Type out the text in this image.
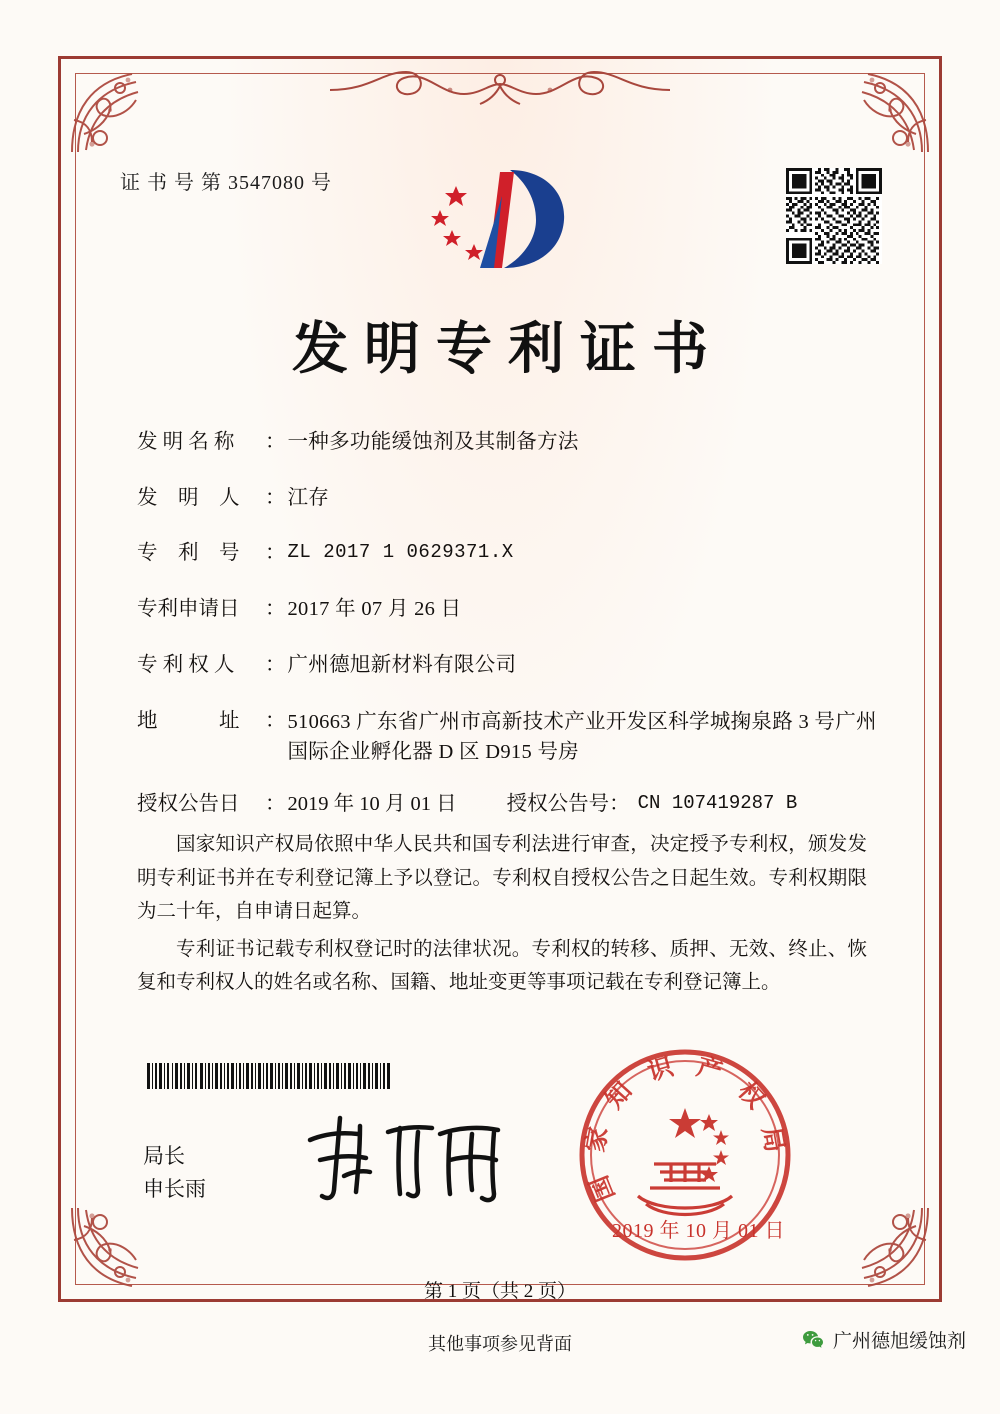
证 书 号 第 3547080 号
发明专利证书
发 明 名 称	： 一种多功能缓蚀剂及其制备方法
发　明　人	： 江存
专　利　号	： ZL 2017 1 0629371.X
专利申请日	： 2017 年 07 月 26 日
专 利 权 人	： 广州德旭新材料有限公司
地　　　址	： 510663 广东省广州市高新技术产业开发区科学城掬泉路 3 号广州国际企业孵化器 D 区 D915 号房
授权公告日	： 2019 年 10 月 01 日 授权公告号 ： CN 107419287 B

国家知识产权局依照中华人民共和国专利法进行审查，决定授予专利权，颁发发明专利证书并在专利登记簿上予以登记。专利权自授权公告之日起生效。专利权期限为二十年，自申请日起算。

专利证书记载专利权登记时的法律状况。专利权的转移、质押、无效、终止、恢复和专利权人的姓名或名称、国籍、地址变更等事项记载在专利登记簿上。

局长
申长雨	国
家
知
识 产
权
局
2019 年 10 月 01 日
第 1 页（共 2 页）
其他事项参见背面	广州德旭缓蚀剂
